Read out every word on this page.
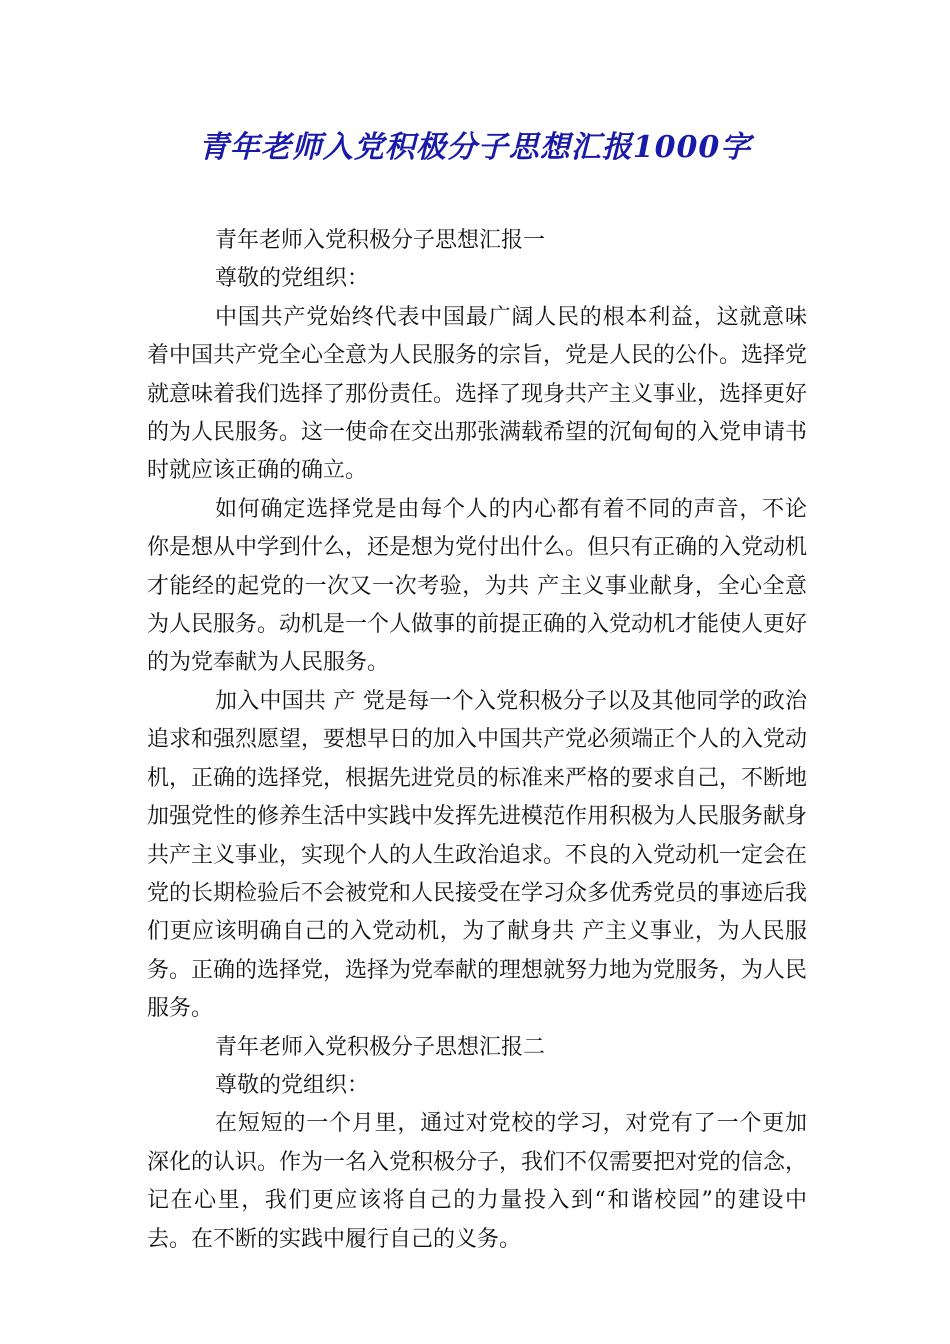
青年老师入党积极分子思想汇报1000字

青年老师入党积极分子思想汇报一

尊敬的党组织：

中国共产党始终代表中国最广阔人民的根本利益，这就意味着中国共产党全心全意为人民服务的宗旨，党是人民的公仆。选择党就意味着我们选择了那份责任。选择了现身共产主义事业，选择更好的为人民服务。这一使命在交出那张满载希望的沉甸甸的入党申请书时就应该正确的确立。

如何确定选择党是由每个人的内心都有着不同的声音，不论你是想从中学到什么，还是想为党付出什么。但只有正确的入党动机才能经的起党的一次又一次考验，为共 产主义事业献身，全心全意为人民服务。动机是一个人做事的前提正确的入党动机才能使人更好的为党奉献为人民服务。

加入中国共 产 党是每一个入党积极分子以及其他同学的政治追求和强烈愿望，要想早日的加入中国共产党必须端正个人的入党动机，正确的选择党，根据先进党员的标准来严格的要求自己，不断地加强党性的修养生活中实践中发挥先进模范作用积极为人民服务献身共产主义事业，实现个人的人生政治追求。不良的入党动机一定会在党的长期检验后不会被党和人民接受在学习众多优秀党员的事迹后我们更应该明确自己的入党动机，为了献身共 产主义事业，为人民服务。正确的选择党，选择为党奉献的理想就努力地为党服务，为人民服务。

青年老师入党积极分子思想汇报二

尊敬的党组织：

在短短的一个月里，通过对党校的学习，对党有了一个更加深化的认识。作为一名入党积极分子，我们不仅需要把对党的信念，记在心里，我们更应该将自己的力量投入到“和谐校园”的建设中去。在不断的实践中履行自己的义务。
